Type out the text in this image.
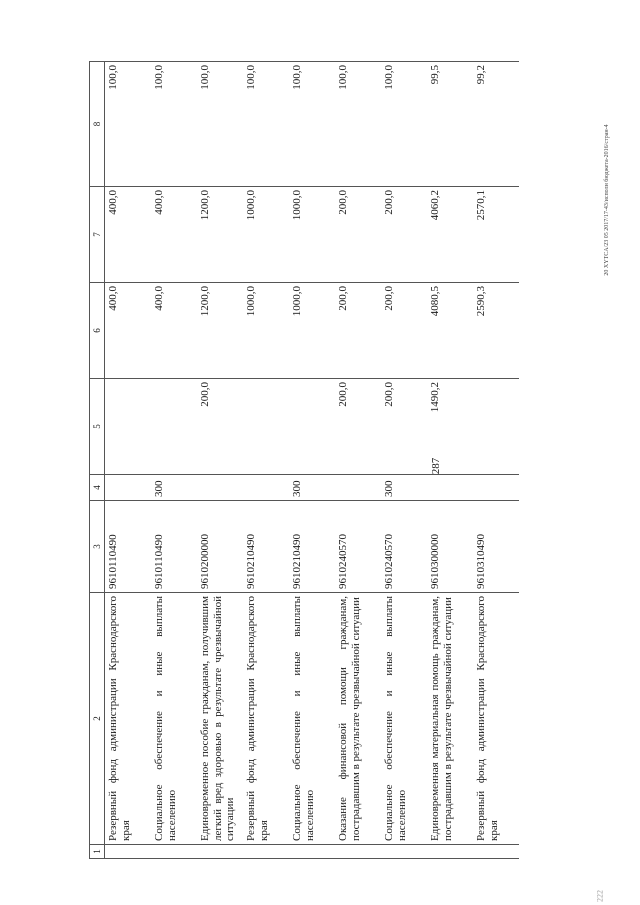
287
20 XYTCA/23 05 2017/17-43/исполн бюджета-2016/стран-4
222
1	2	3	4	5	6	7	8
	Резервный фонд администрации Краснодарского края	9610110490			400,0	400,0	100,0
	Социальное обеспечение и иные выплаты населению	9610110490	300		400,0	400,0	100,0
	Единовременное пособие гражданам, получившим легкий вред здоровью в результате чрезвычайной ситуации	9610200000		200,0	1200,0	1200,0	100,0
	Резервный фонд администрации Краснодарского края	9610210490			1000,0	1000,0	100,0
	Социальное обеспечение и иные выплаты населению	9610210490	300		1000,0	1000,0	100,0
	Оказание финансовой помощи гражданам, пострадавшим в результате чрезвычайной ситуации	9610240570		200,0	200,0	200,0	100,0
	Социальное обеспечение и иные выплаты населению	9610240570	300	200,0	200,0	200,0	100,0
	Единовременная материальная помощь гражданам, пострадавшим в результате чрезвычайной ситуации	9610300000		1490,2	4080,5	4060,2	99,5
	Резервный фонд администрации Краснодарского края	9610310490			2590,3	2570,1	99,2
